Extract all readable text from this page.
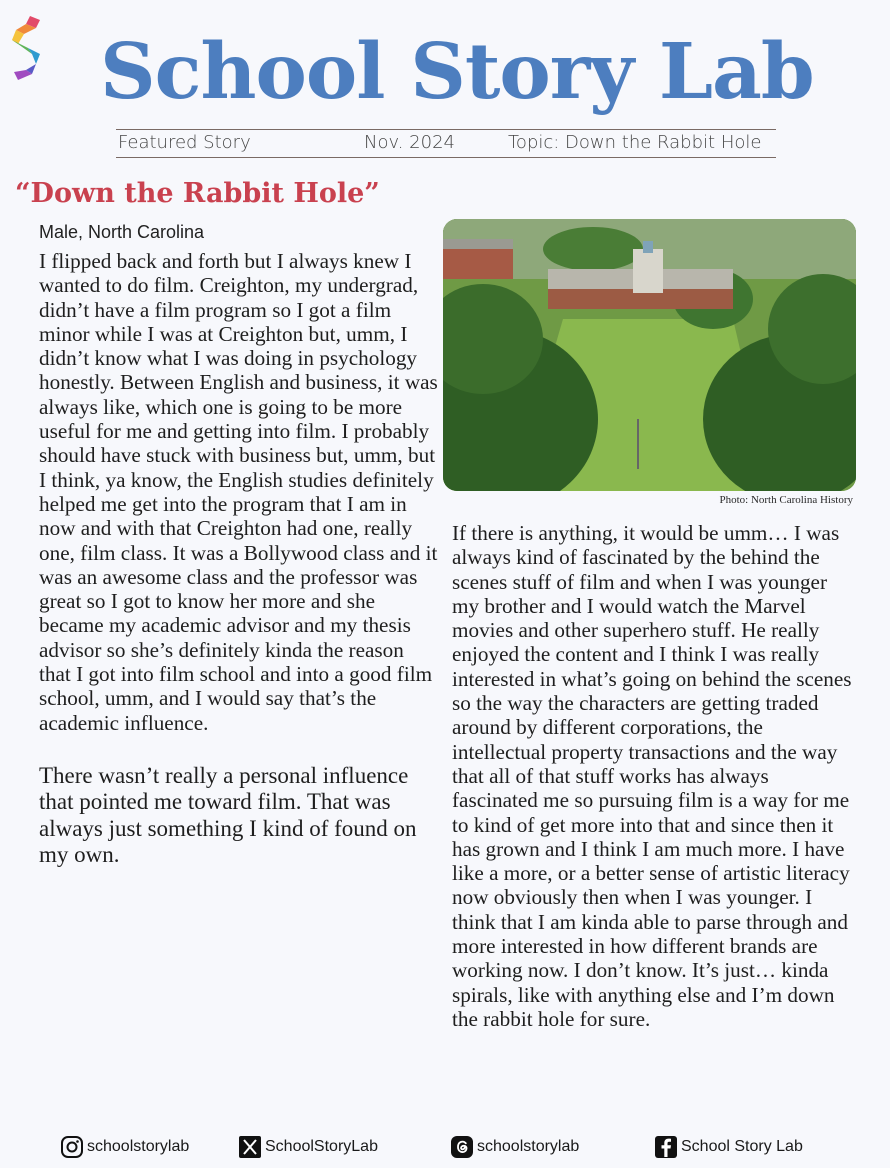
School Story Lab
Featured Story	Nov. 2024	Topic: Down the Rabbit Hole
“Down the Rabbit Hole”
Male, North Carolina

I flipped back and forth but I always knew I wanted to do film. Creighton, my undergrad, didn’t have a film program so I got a film minor while I was at Creighton but, umm, I didn’t know what I was doing in psychology honestly. Between English and business, it was always like, which one is going to be more useful for me and getting into film. I probably should have stuck with business but, umm, but I think, ya know, the English studies definitely helped me get into the program that I am in now and with that Creighton had one, really one, film class. It was a Bollywood class and it was an awesome class and the professor was great so I got to know her more and she became my academic advisor and my thesis advisor so she’s definitely kinda the reason that I got into film school and into a good film school, umm, and I would say that’s the academic influence.

There wasn’t really a personal influence that pointed me toward film. That was always just something I kind of found on my own.

Photo: North Carolina History

If there is anything, it would be umm… I was always kind of fascinated by the behind the scenes stuff of film and when I was younger my brother and I would watch the Marvel movies and other superhero stuff. He really enjoyed the content and I think I was really interested in what’s going on behind the scenes so the way the characters are getting traded around by different corporations, the intellectual property transactions and the way that all of that stuff works has always fascinated me so pursuing film is a way for me to kind of get more into that and since then it has grown and I think I am much more. I have like a more, or a better sense of artistic literacy now obviously then when I was younger. I think that I am kinda able to parse through and more interested in how different brands are working now. I don’t know. It’s just… kinda spirals, like with anything else and I’m down the rabbit hole for sure.

schoolstorylab	SchoolStoryLab	schoolstorylab	School Story Lab
